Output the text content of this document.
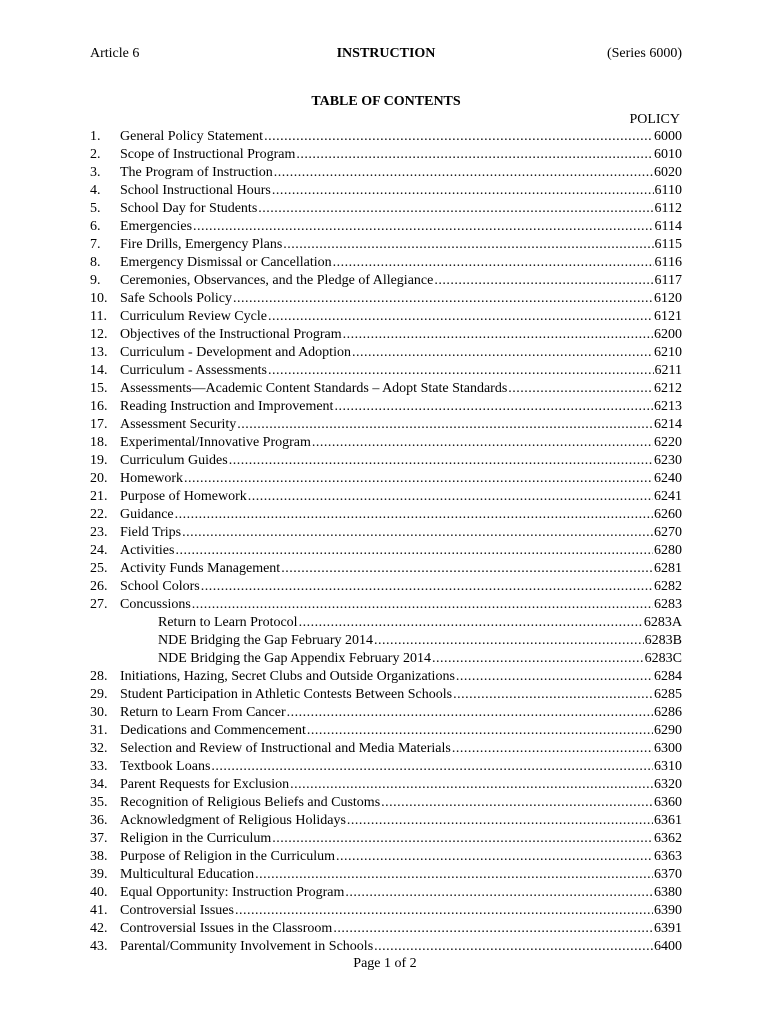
Article 6	INSTRUCTION	(Series 6000)
TABLE OF CONTENTS
POLICY
1.	General Policy Statement .....	6000
2.	Scope of Instructional Program .....	6010
3.	The Program of Instruction .....	6020
4.	School Instructional Hours .....	6110
5.	School Day for Students .....	6112
6.	Emergencies .....	6114
7.	Fire Drills, Emergency Plans .....	6115
8.	Emergency Dismissal or Cancellation .....	6116
9.	Ceremonies, Observances, and the Pledge of Allegiance .....	6117
10. Safe Schools Policy .....	6120
11. Curriculum Review Cycle .....	6121
12. Objectives of the Instructional Program .....	6200
13. Curriculum - Development and Adoption .....	6210
14. Curriculum - Assessments .....	6211
15. Assessments—Academic Content Standards – Adopt State Standards .....	6212
16. Reading Instruction and Improvement .....	6213
17. Assessment Security .....	6214
18. Experimental/Innovative Program .....	6220
19. Curriculum Guides .....	6230
20. Homework .....	6240
21. Purpose of Homework .....	6241
22. Guidance .....	6260
23. Field Trips .....	6270
24. Activities .....	6280
25. Activity Funds Management .....	6281
26. School Colors .....	6282
27. Concussions .....	6283
Return to Learn Protocol .....	6283A
NDE Bridging the Gap February 2014 .....	6283B
NDE Bridging the Gap Appendix February 2014 .....	6283C
28. Initiations, Hazing, Secret Clubs and Outside Organizations .....	6284
29. Student Participation in Athletic Contests Between Schools .....	6285
30. Return to Learn From Cancer .....	6286
31. Dedications and Commencement .....	6290
32. Selection and Review of Instructional and Media Materials .....	6300
33. Textbook Loans .....	6310
34. Parent Requests for Exclusion .....	6320
35. Recognition of Religious Beliefs and Customs .....	6360
36. Acknowledgment of Religious Holidays .....	6361
37. Religion in the Curriculum .....	6362
38. Purpose of Religion in the Curriculum .....	6363
39. Multicultural Education .....	6370
40. Equal Opportunity: Instruction Program .....	6380
41. Controversial Issues .....	6390
42. Controversial Issues in the Classroom .....	6391
43. Parental/Community Involvement in Schools .....	6400
Page 1 of 2
